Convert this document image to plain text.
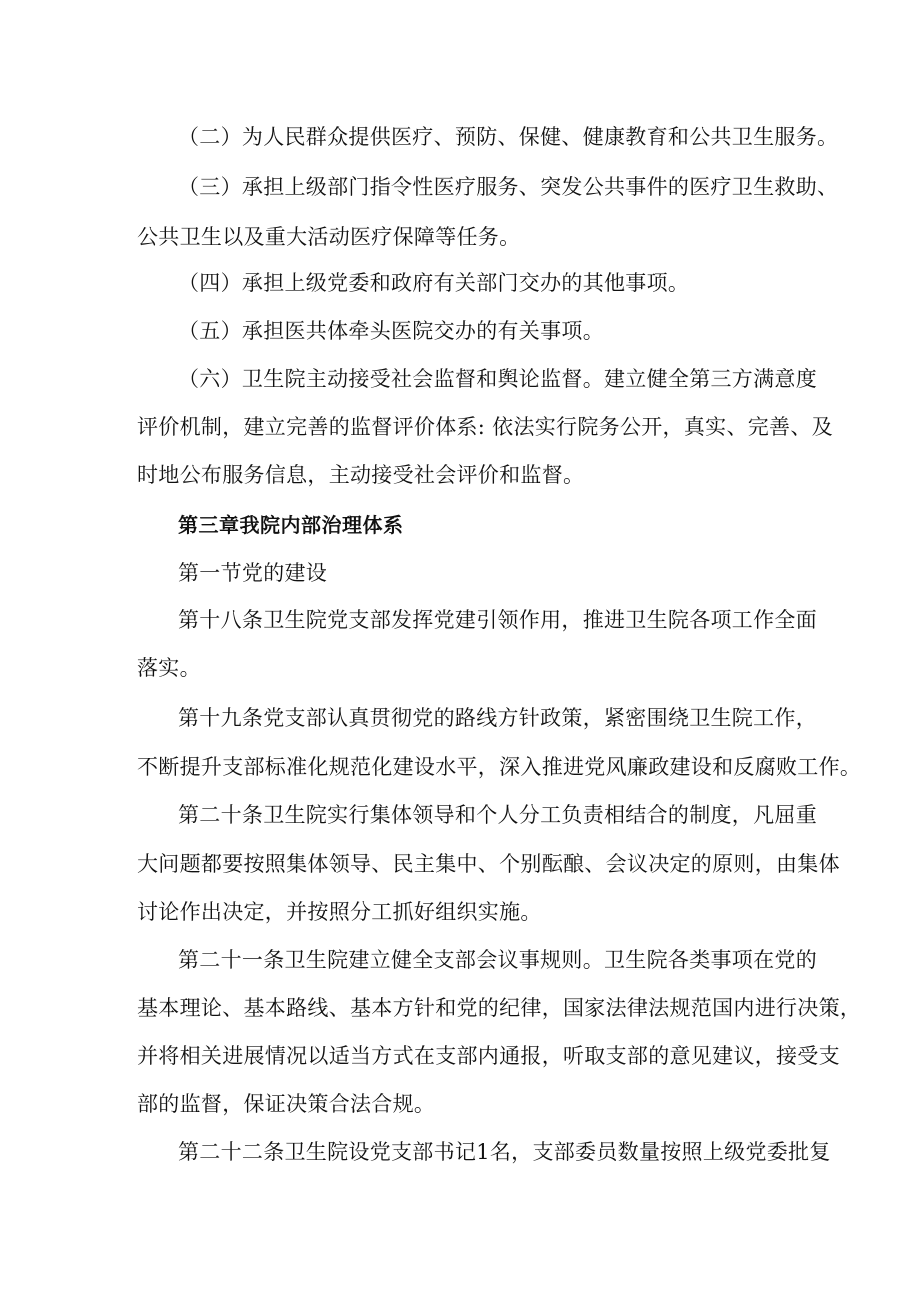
（二）为人民群众提供医疗、预防、保健、健康教育和公共卫生服务。
（三）承担上级部门指令性医疗服务、突发公共事件的医疗卫生救助、
公共卫生以及重大活动医疗保障等任务。
（四）承担上级党委和政府有关部门交办的其他事项。
（五）承担医共体牵头医院交办的有关事项。
（六）卫生院主动接受社会监督和舆论监督。建立健全第三方满意度
评价机制，建立完善的监督评价体系: 依法实行院务公开，真实、完善、及
时地公布服务信息，主动接受社会评价和监督。
第三章我院内部治理体系
第一节党的建设
第十八条卫生院党支部发挥党建引领作用，推进卫生院各项工作全面
落实。
第十九条党支部认真贯彻党的路线方针政策，紧密围绕卫生院工作，
不断提升支部标准化规范化建设水平，深入推进党风廉政建设和反腐败工作。
第二十条卫生院实行集体领导和个人分工负责相结合的制度，凡屈重
大问题都要按照集体领导、民主集中、个别酝酿、会议决定的原则，由集体
讨论作出决定，并按照分工抓好组织实施。
第二十一条卫生院建立健全支部会议事规则。卫生院各类事项在党的
基本理论、基本路线、基本方针和党的纪律，国家法律法规范国内进行决策，
并将相关进展情况以适当方式在支部内通报，听取支部的意见建议，接受支
部的监督，保证决策合法合规。
第二十二条卫生院设党支部书记1名，支部委员数量按照上级党委批复
